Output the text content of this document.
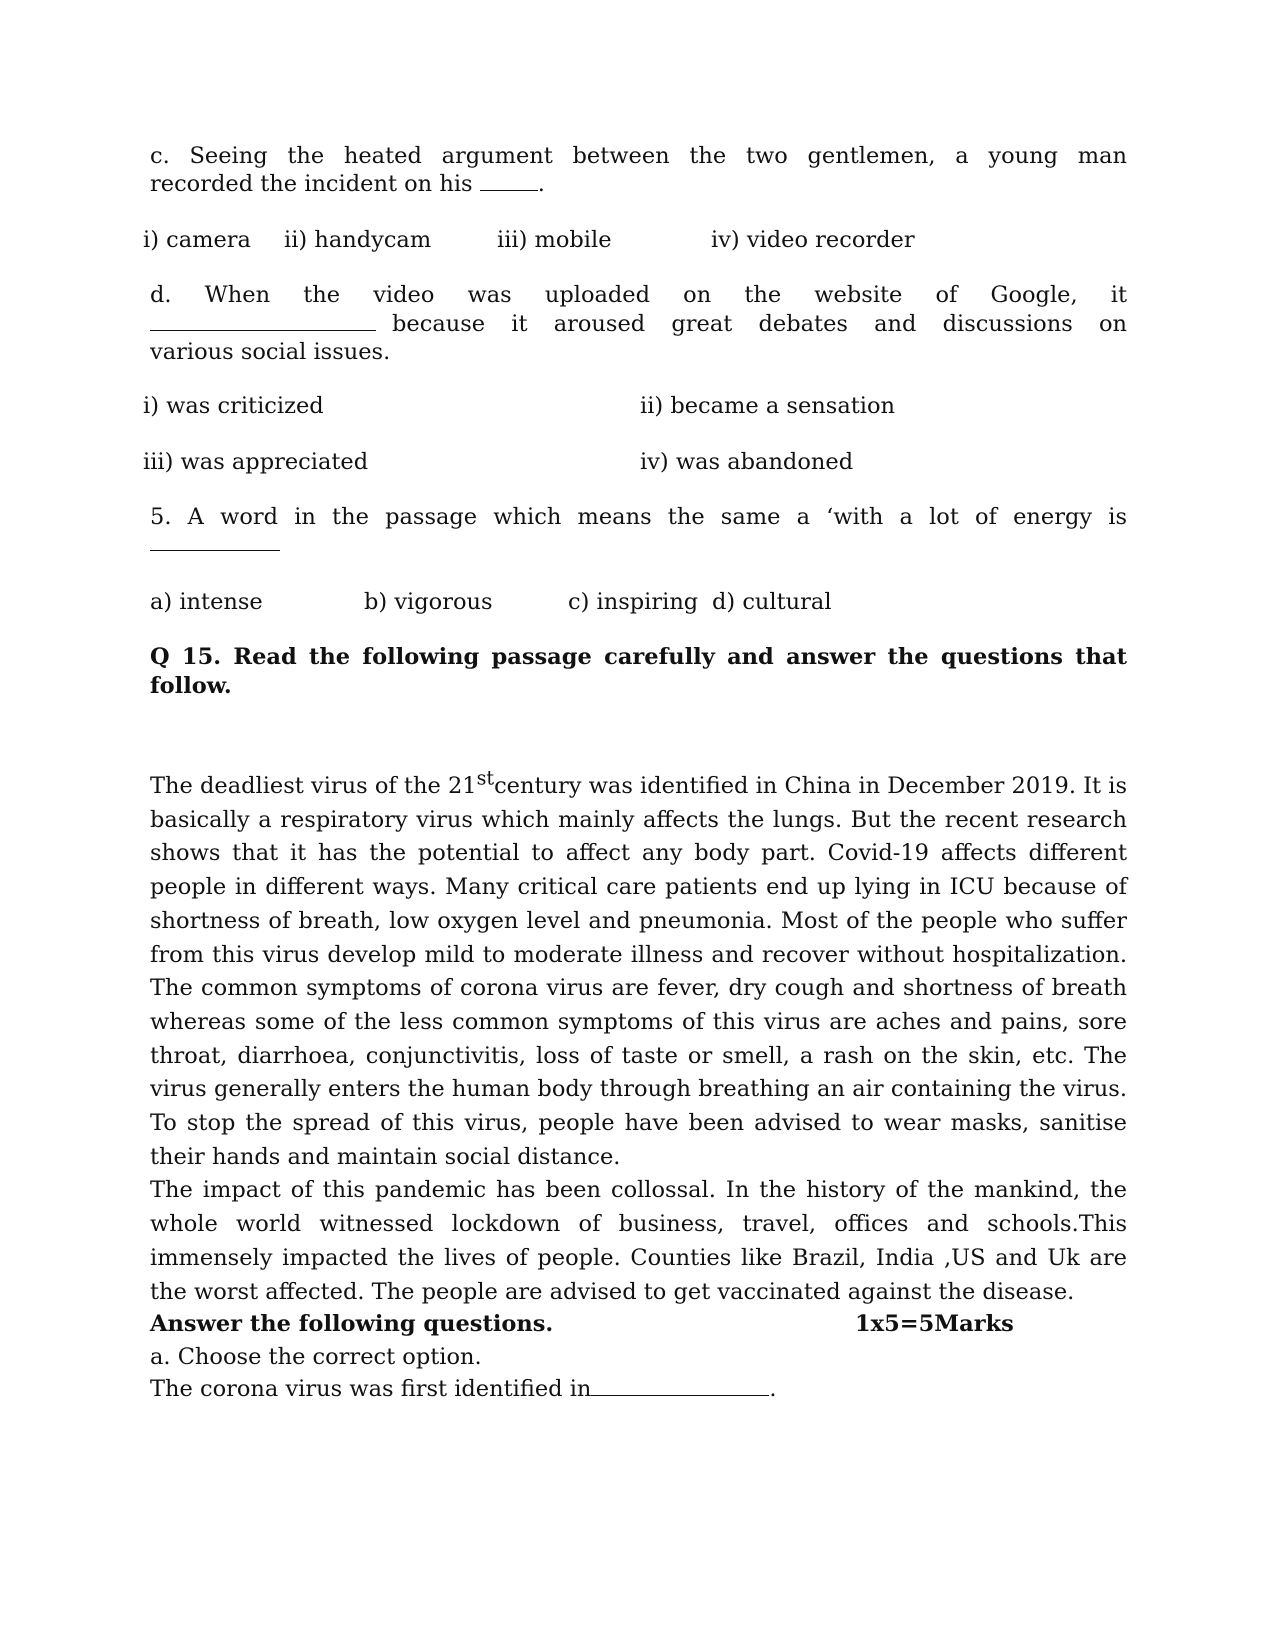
c. Seeing the heated argument between the two gentlemen, a young man

recorded the incident on his	.

i) camera ii) handycam	iii) mobile	iv) video recorder

d. When the video was uploaded on the website of Google, it

because it aroused great debates and discussions on

various social issues.

i) was criticized	ii) became a sensation
iii) was appreciated	iv) was abandoned

5. A word in the passage which means the same a ‘with a lot of energy is

a) intense	b) vigorous	c) inspiring d) cultural

Q 15. Read the following passage carefully and answer the questions that follow.

The deadliest virus of the 21stcentury was identified in China in December 2019. It is basically a respiratory virus which mainly affects the lungs. But the recent research shows that it has the potential to affect any body part. Covid-19 affects different people in different ways. Many critical care patients end up lying in ICU because of shortness of breath, low oxygen level and pneumonia. Most of the people who suffer from this virus develop mild to moderate illness and recover without hospitalization. The common symptoms of corona virus are fever, dry cough and shortness of breath whereas some of the less common symptoms of this virus are aches and pains, sore throat, diarrhoea, conjunctivitis, loss of taste or smell, a rash on the skin, etc. The virus generally enters the human body through breathing an air containing the virus. To stop the spread of this virus, people have been advised to wear masks, sanitise their hands and maintain social distance.

The impact of this pandemic has been collossal. In the history of the mankind, the whole world witnessed lockdown of business, travel, offices and schools.This immensely impacted the lives of people. Counties like Brazil, India ,US and Uk are the worst affected. The people are advised to get vaccinated against the disease.

Answer the following questions.	1x5=5Marks
a. Choose the correct option.
The corona virus was first identified in	.
